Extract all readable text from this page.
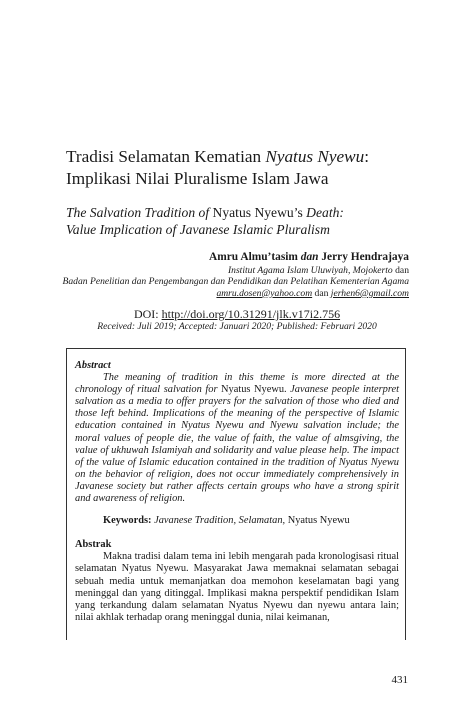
Tradisi Selamatan Kematian Nyatus Nyewu:
Implikasi Nilai Pluralisme Islam Jawa
The Salvation Tradition of Nyatus Nyewu’s Death:
Value Implication of Javanese Islamic Pluralism
Amru Almu’tasim dan Jerry Hendrajaya
Institut Agama Islam Uluwiyah, Mojokerto dan
Badan Penelitian dan Pengembangan dan Pendidikan dan Pelatihan Kementerian Agama
amru.dosen@yahoo.com dan jerhen6@gmail.com
DOI: http://doi.org/10.31291/jlk.v17i2.756
Received: Juli 2019; Accepted: Januari 2020; Published: Februari 2020
Abstract

The meaning of tradition in this theme is more directed at the chronology of ritual salvation for Nyatus Nyewu. Javanese people interpret salvation as a media to offer prayers for the salvation of those who died and those left behind. Implications of the meaning of the perspective of Islamic education contained in Nyatus Nyewu and Nyewu salvation include; the moral values of people die, the value of faith, the value of almsgiving, the value of ukhuwah Islamiyah and solidarity and value please help. The impact of the value of Islamic education contained in the tradition of Nyatus Nyewu on the behavior of religion, does not occur immediately comprehensively in Javanese society but rather affects certain groups who have a strong spirit and awareness of religion.

Keywords: Javanese Tradition, Selamatan, Nyatus Nyewu

Abstrak

Makna tradisi dalam tema ini lebih mengarah pada kronologisasi ritual selamatan Nyatus Nyewu. Masyarakat Jawa memaknai selamatan sebagai sebuah media untuk memanjatkan doa memohon keselamatan bagi yang meninggal dan yang ditinggal. Implikasi makna perspektif pendidikan Islam yang terkandung dalam selamatan Nyatus Nyewu dan nyewu antara lain; nilai akhlak terhadap orang meninggal dunia, nilai keimanan,

431
